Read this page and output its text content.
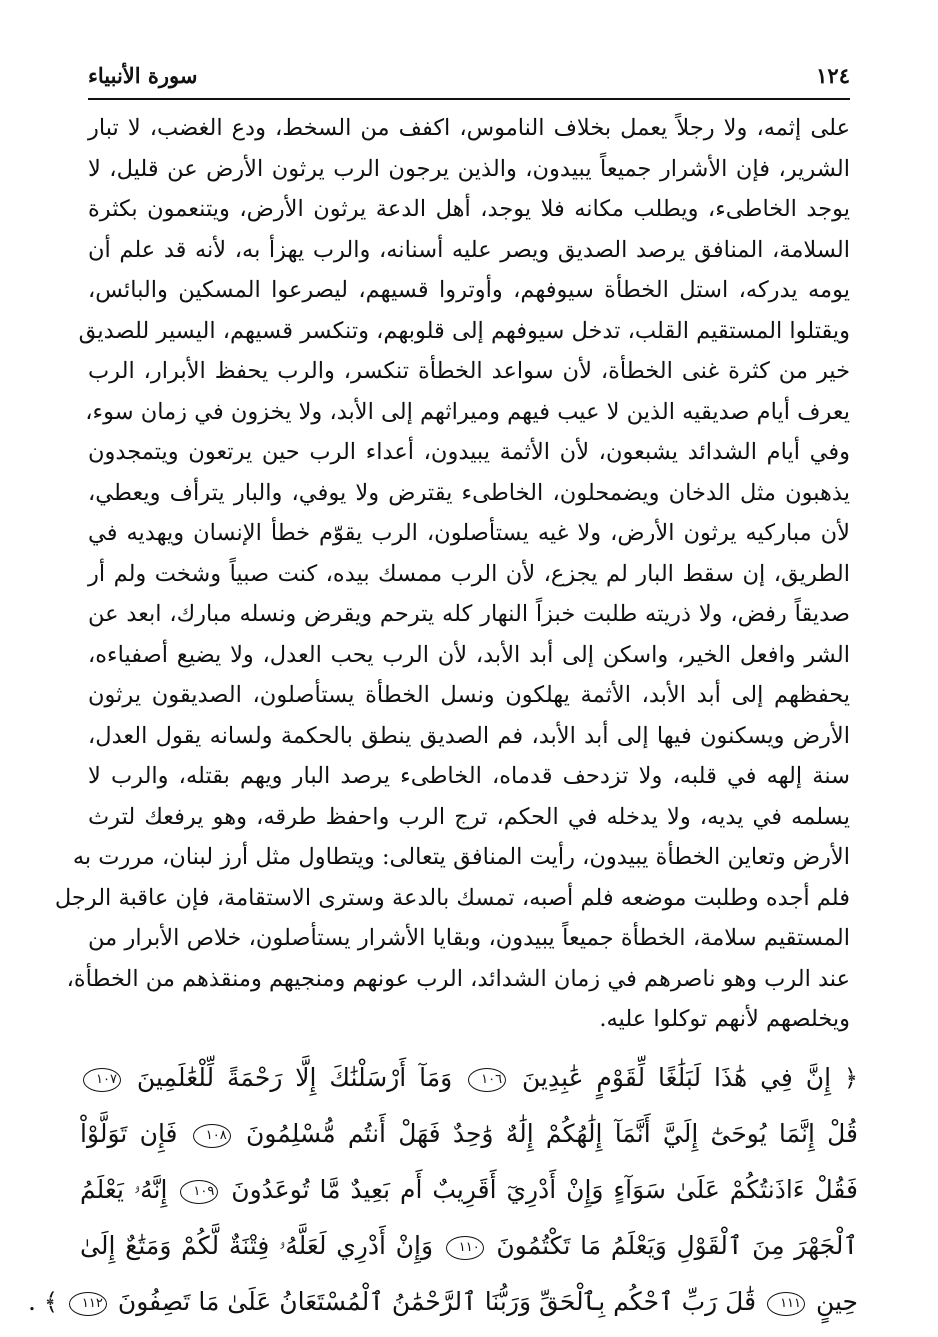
١٢٤
سورة الأنبياء

على إثمه، ولا رجلاً يعمل بخلاف الناموس، اكفف من السخط، ودع الغضب، لا تبار

الشرير، فإن الأشرار جميعاً يبيدون، والذين يرجون الرب يرثون الأرض عن قليل، لا

يوجد الخاطىء، ويطلب مكانه فلا يوجد، أهل الدعة يرثون الأرض، ويتنعمون بكثرة

السلامة، المنافق يرصد الصديق ويصر عليه أسنانه، والرب يهزأ به، لأنه قد علم أن

يومه يدركه، استل الخطأة سيوفهم، وأوتروا قسيهم، ليصرعوا المسكين والبائس،

ويقتلوا المستقيم القلب، تدخل سيوفهم إلى قلوبهم، وتنكسر قسيهم، اليسير للصديق

خير من كثرة غنى الخطأة، لأن سواعد الخطأة تنكسر، والرب يحفظ الأبرار، الرب

يعرف أيام صديقيه الذين لا عيب فيهم وميراثهم إلى الأبد، ولا يخزون في زمان سوء،

وفي أيام الشدائد يشبعون، لأن الأثمة يبيدون، أعداء الرب حين يرتعون ويتمجدون

يذهبون مثل الدخان ويضمحلون، الخاطىء يقترض ولا يوفي، والبار يترأف ويعطي،

لأن مباركيه يرثون الأرض، ولا غيه يستأصلون، الرب يقوّم خطأ الإنسان ويهديه في

الطريق، إن سقط البار لم يجزع، لأن الرب ممسك بيده، كنت صبياً وشخت ولم أر

صديقاً رفض، ولا ذريته طلبت خبزاً النهار كله يترحم ويقرض ونسله مبارك، ابعد عن

الشر وافعل الخير، واسكن إلى أبد الأبد، لأن الرب يحب العدل، ولا يضيع أصفياءه،

يحفظهم إلى أبد الأبد، الأثمة يهلكون ونسل الخطأة يستأصلون، الصديقون يرثون

الأرض ويسكنون فيها إلى أبد الأبد، فم الصديق ينطق بالحكمة ولسانه يقول العدل،

سنة إلهه في قلبه، ولا تزدحف قدماه، الخاطىء يرصد البار ويهم بقتله، والرب لا

يسلمه في يديه، ولا يدخله في الحكم، ترج الرب واحفظ طرقه، وهو يرفعك لترث

الأرض وتعاين الخطأة يبيدون، رأيت المنافق يتعالى: ويتطاول مثل أرز لبنان، مررت به

فلم أجده وطلبت موضعه فلم أصبه، تمسك بالدعة وسترى الاستقامة، فإن عاقبة الرجل

المستقيم سلامة، الخطأة جميعاً يبيدون، وبقايا الأشرار يستأصلون، خلاص الأبرار من

عند الرب وهو ناصرهم في زمان الشدائد، الرب عونهم ومنجيهم ومنقذهم من الخطأة،

ويخلصهم لأنهم توكلوا عليه.

﴿ إِنَّ فِي هَٰذَا لَبَلَٰغًا لِّقَوْمٍ عَٰبِدِينَ ١٠٦ وَمَآ أَرْسَلْنَٰكَ إِلَّا رَحْمَةً لِّلْعَٰلَمِينَ ١٠٧

قُلْ إِنَّمَا يُوحَىٰٓ إِلَيَّ أَنَّمَآ إِلَٰهُكُمْ إِلَٰهٌ وَٰحِدٌ فَهَلْ أَنتُم مُّسْلِمُونَ ١٠٨ فَإِن تَوَلَّوْاْ

فَقُلْ ءَاذَنتُكُمْ عَلَىٰ سَوَآءٍ وَإِنْ أَدْرِيٓ أَقَرِيبٌ أَم بَعِيدٌ مَّا تُوعَدُونَ ١٠٩ إِنَّهُۥ يَعْلَمُ

ٱلْجَهْرَ مِنَ ٱلْقَوْلِ وَيَعْلَمُ مَا تَكْتُمُونَ ١١٠ وَإِنْ أَدْرِي لَعَلَّهُۥ فِتْنَةٌ لَّكُمْ وَمَتَٰعٌ إِلَىٰ

حِينٍ ١١١ قَٰلَ رَبِّ ٱحْكُم بِٱلْحَقِّ وَرَبُّنَا ٱلرَّحْمَٰنُ ٱلْمُسْتَعَانُ عَلَىٰ مَا تَصِفُونَ ١١٢ ﴾ .
